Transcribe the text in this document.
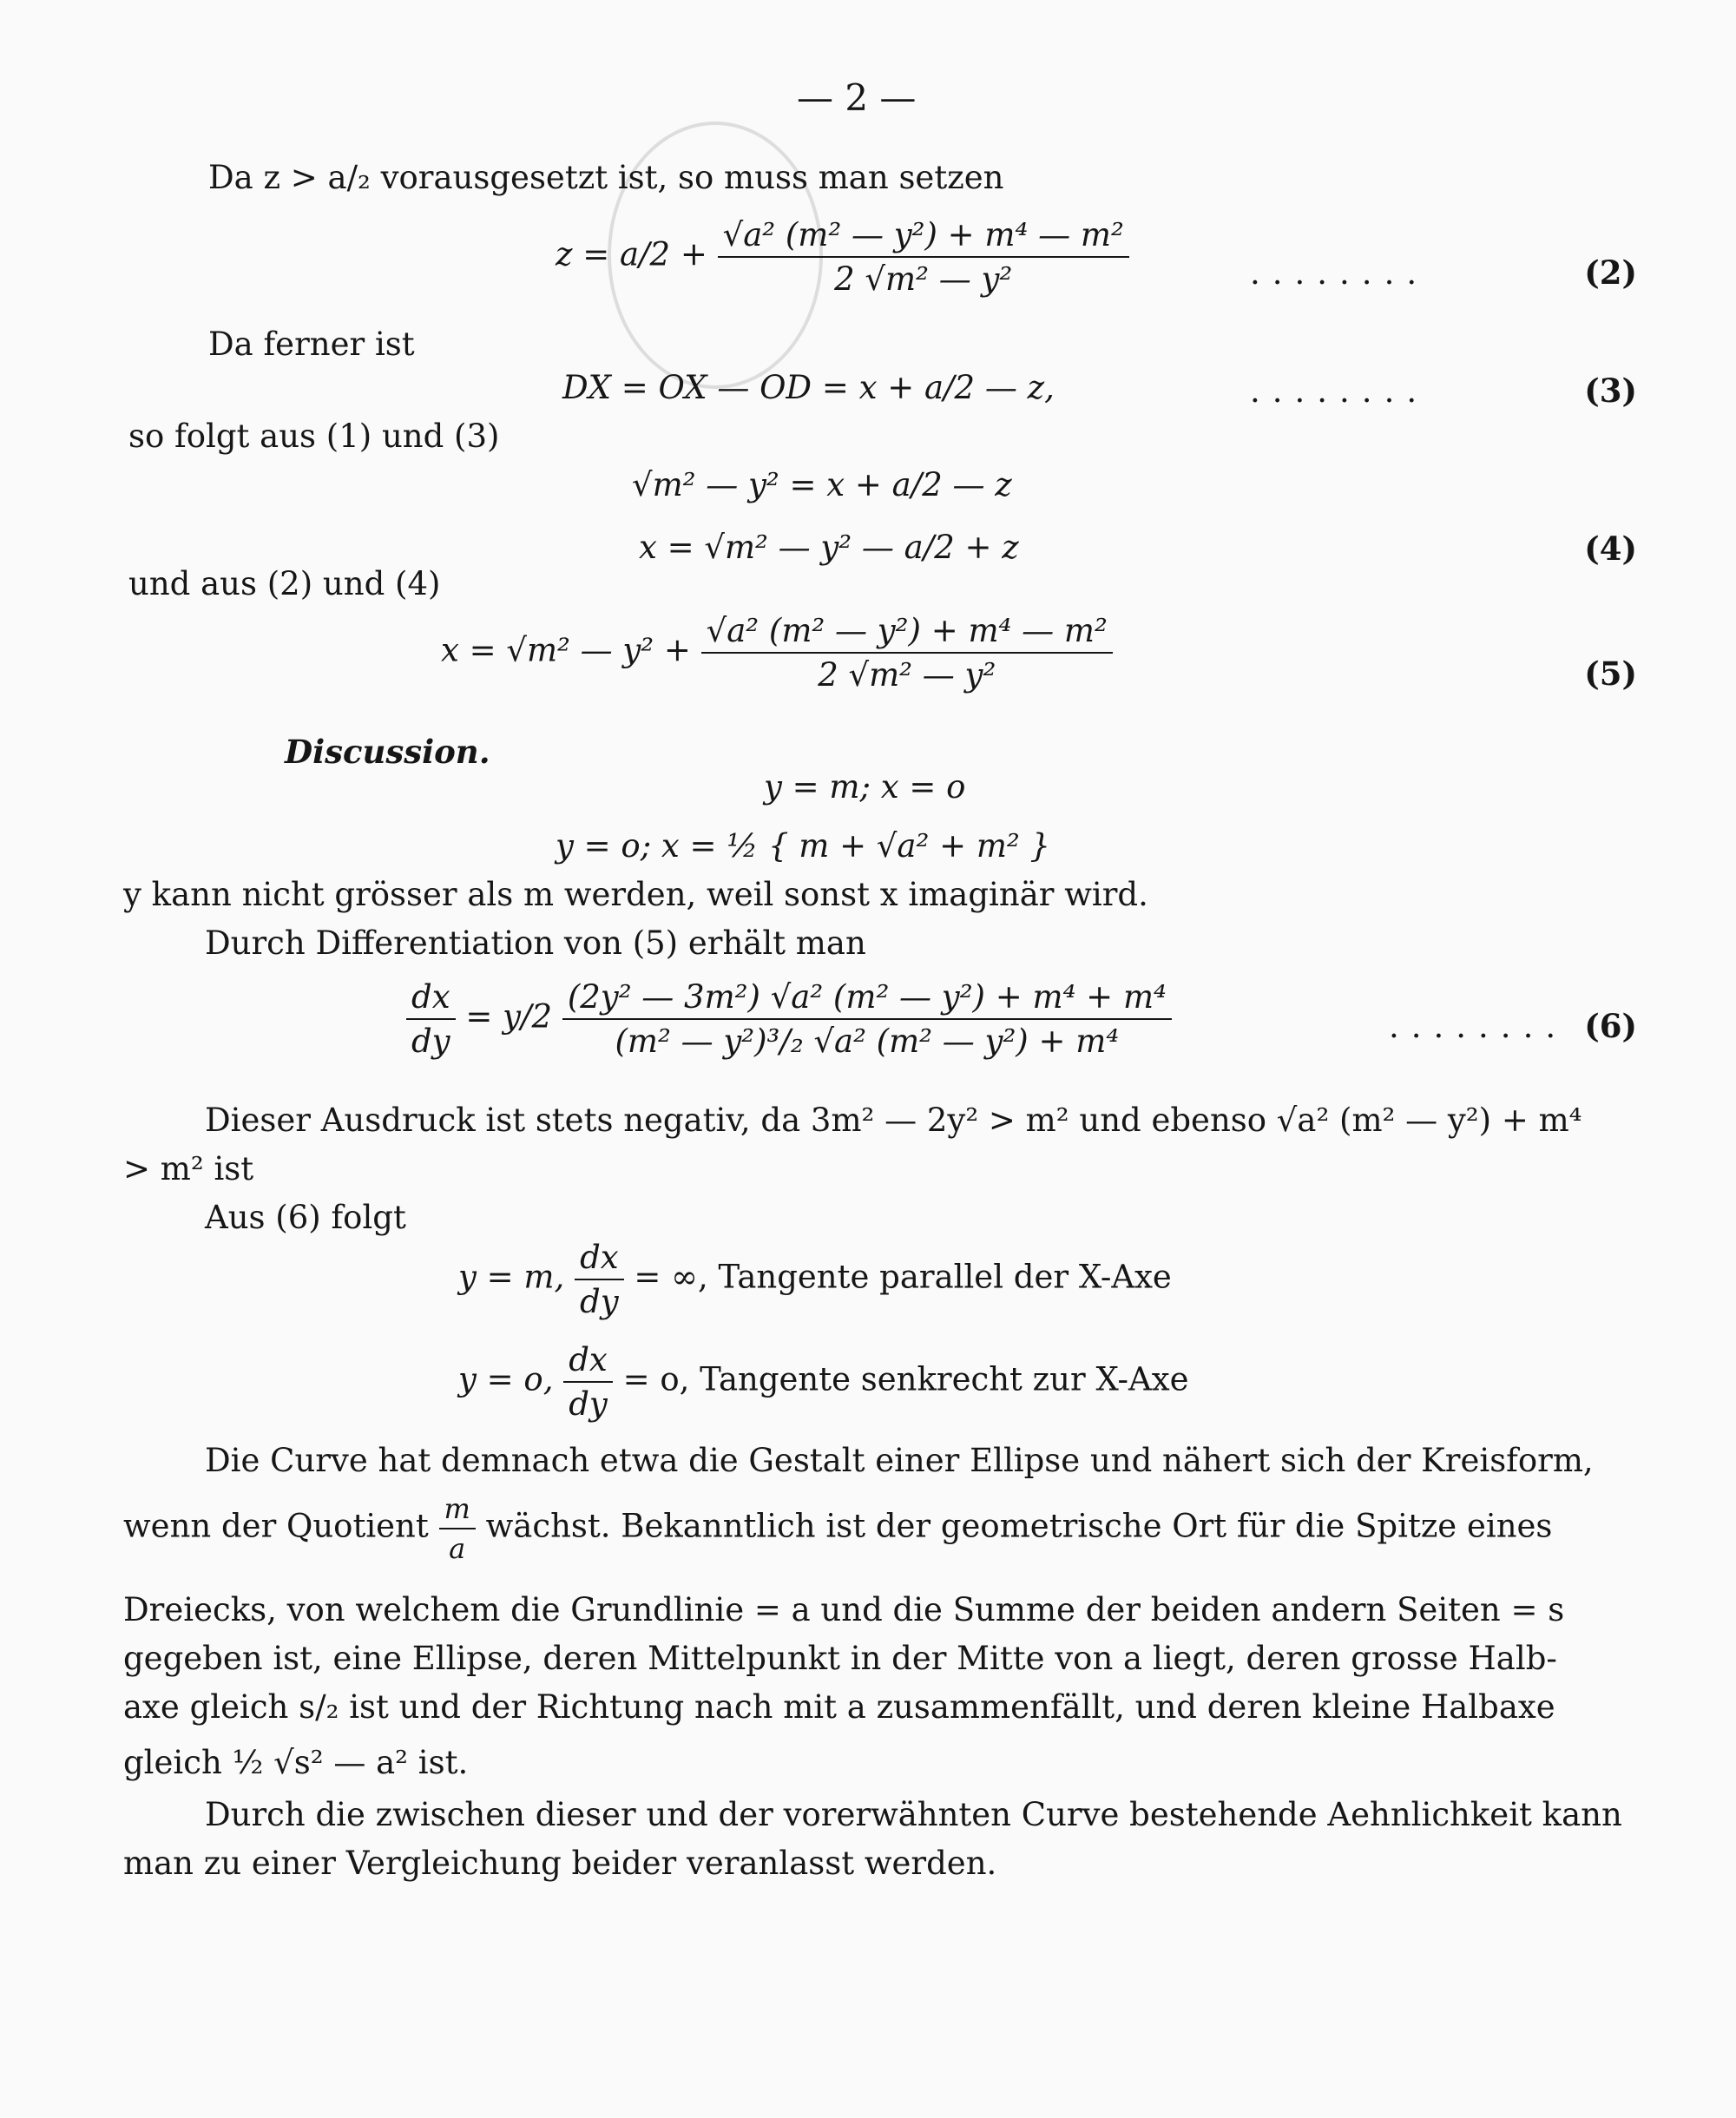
— 2 —
Da z > a/₂ vorausgesetzt ist, so muss man setzen
$z = a/2 + \frac{\text{√a² (m² — y²) + m⁴ — m²}}{\text{2 √m² — y²}}$	........	(2)
Da ferner ist
DX = OX — OD = x + a/2 — z,	........	(3)
so folgt aus (1) und (3)
√m² — y² = x + a/2 — z
x = √m² — y² — a/2 + z	(4)
und aus (2) und (4)
x = √m² — $y^2 + \frac{\text{√a² (m² — y²) + m⁴ — m²}}{\text{2 √m² — y²}}$	(5)
Discussion.
y = m; x = o
y = o; x = ½ { m + √a² + m² }
y kann nicht grösser als m werden, weil sonst x imaginär wird.
Durch Differentiation von (5) erhält man
$\frac{dx}{dy} = y/2 \frac{\text{(2y² — 3m²) √a² (m² — y²) + m⁴ + m⁴}}{\text{(m² — y²)³/₂ √a² (m² — y²) + m⁴}}$	........ (6)
Dieser Ausdruck ist stets negativ, da 3m² — 2y² > m² und ebenso √a² (m² — y²) + m⁴
> m² ist
Aus (6) folgt
y = m, $\frac{dx}{dy}$ = ∞, Tangente parallel der X-Axe
y = o, $\frac{dx}{dy} = o$, Tangente senkrecht zur X-Axe
Die Curve hat demnach etwa die Gestalt einer Ellipse und nähert sich der Kreisform,
wenn der Quotient $\frac{m}{a}$ wächst. Bekanntlich ist der geometrische Ort für die Spitze eines
Dreiecks, von welchem die Grundlinie = a und die Summe der beiden andern Seiten = s
gegeben ist, eine Ellipse, deren Mittelpunkt in der Mitte von a liegt, deren grosse Halb-
axe gleich s/₂ ist und der Richtung nach mit a zusammenfällt, und deren kleine Halbaxe
gleich ½ √s² — a² ist.
Durch die zwischen dieser und der vorerwähnten Curve bestehende Aehnlichkeit kann
man zu einer Vergleichung beider veranlasst werden.
